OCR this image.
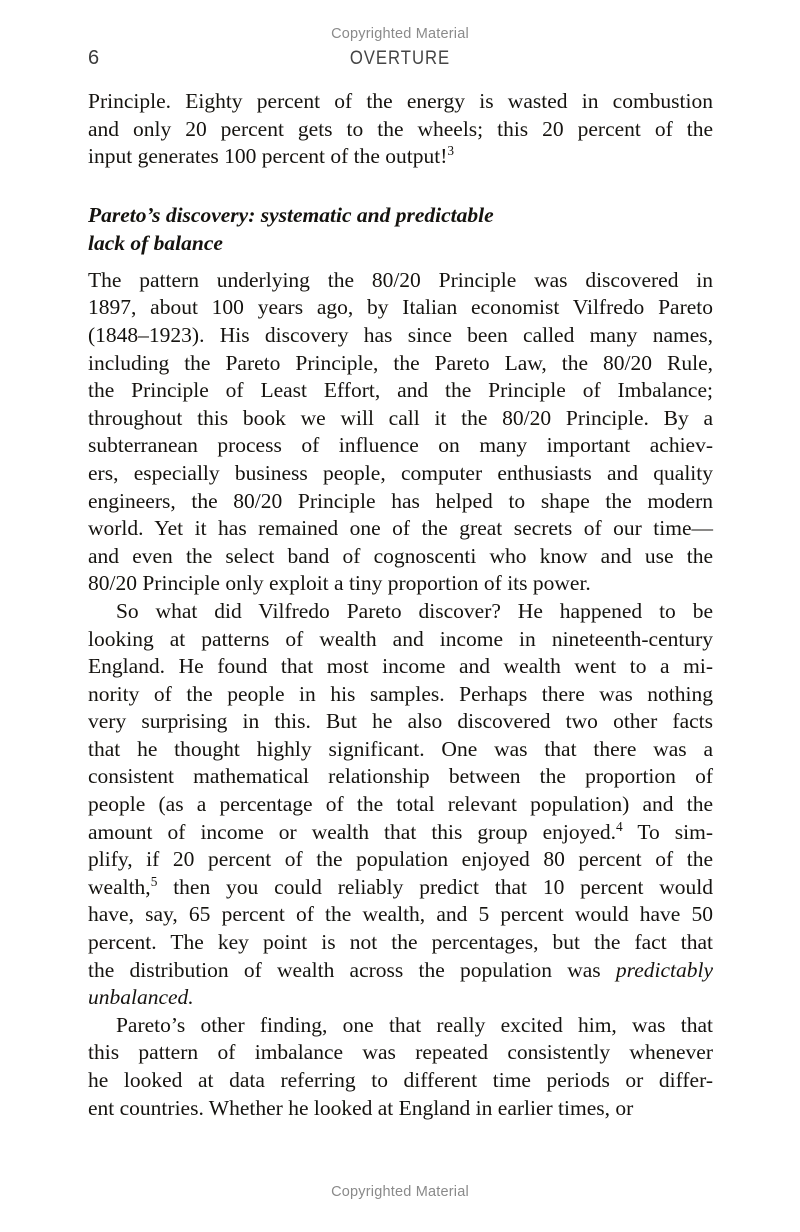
Copyrighted Material
6	OVERTURE

Principle. Eighty percent of the energy is wasted in combustion
and only 20 percent gets to the wheels; this 20 percent of the
input generates 100 percent of the output!$^3$

Pareto’s discovery: systematic and predictable
lack of balance

The pattern underlying the 80/20 Principle was discovered in
1897, about 100 years ago, by Italian economist Vilfredo Pareto
(1848–1923). His discovery has since been called many names,
including the Pareto Principle, the Pareto Law, the 80/20 Rule,
the Principle of Least Effort, and the Principle of Imbalance;
throughout this book we will call it the 80/20 Principle. By a
subterranean process of influence on many important achiev-
ers, especially business people, computer enthusiasts and quality
engineers, the 80/20 Principle has helped to shape the modern
world. Yet it has remained one of the great secrets of our time—
and even the select band of cognoscenti who know and use the
80/20 Principle only exploit a tiny proportion of its power.

So what did Vilfredo Pareto discover? He happened to be
looking at patterns of wealth and income in nineteenth-century
England. He found that most income and wealth went to a mi-
nority of the people in his samples. Perhaps there was nothing
very surprising in this. But he also discovered two other facts
that he thought highly significant. One was that there was a
consistent mathematical relationship between the proportion of
people (as a percentage of the total relevant population) and the
amount of income or wealth that this group enjoyed.$^4$ To sim-
plify, if 20 percent of the population enjoyed 80 percent of the
wealth,$^5$ then you could reliably predict that 10 percent would
have, say, 65 percent of the wealth, and 5 percent would have 50
percent. The key point is not the percentages, but the fact that
the distribution of wealth across the population was predictably
unbalanced.

Pareto’s other finding, one that really excited him, was that
this pattern of imbalance was repeated consistently whenever
he looked at data referring to different time periods or differ-
ent countries. Whether he looked at England in earlier times, or

Copyrighted Material
